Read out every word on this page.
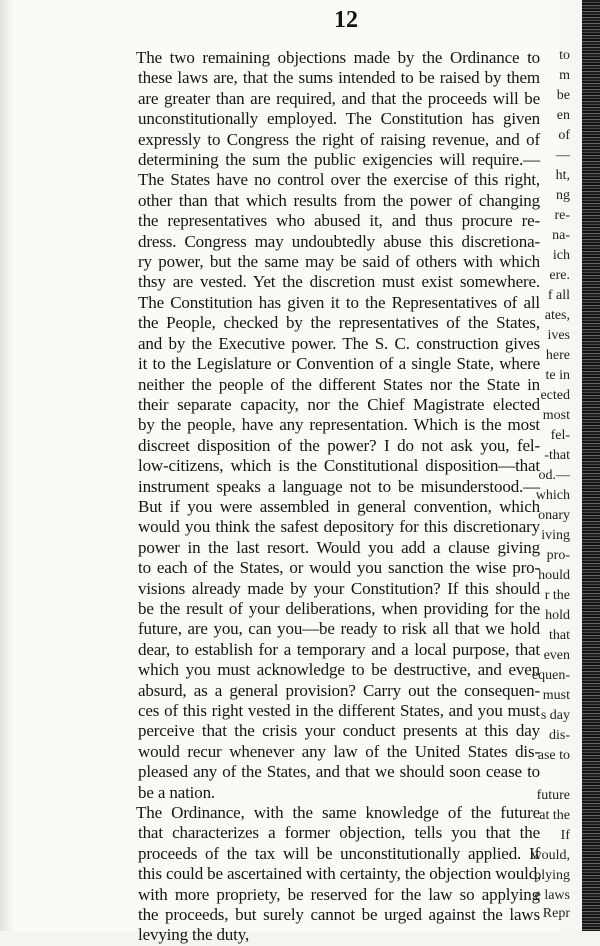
12

The two remaining objections made by the Ordinance to
these laws are, that the sums intended to be raised by them
are greater than are required, and that the proceeds will be
unconstitutionally employed. The Constitution has given
expressly to Congress the right of raising revenue, and of
determining the sum the public exigencies will require.—
The States have no control over the exercise of this right,
other than that which results from the power of changing
the representatives who abused it, and thus procure re-
dress. Congress may undoubtedly abuse this discretiona-
ry power, but the same may be said of others with which
thsy are vested. Yet the discretion must exist somewhere.
The Constitution has given it to the Representatives of all
the People, checked by the representatives of the States,
and by the Executive power. The S. C. construction gives
it to the Legislature or Convention of a single State, where
neither the people of the different States nor the State in
their separate capacity, nor the Chief Magistrate elected
by the people, have any representation. Which is the most
discreet disposition of the power? I do not ask you, fel-
low-citizens, which is the Constitutional disposition—that
instrument speaks a language not to be misunderstood.—
But if you were assembled in general convention, which
would you think the safest depository for this discretionary
power in the last resort. Would you add a clause giving
to each of the States, or would you sanction the wise pro-
visions already made by your Constitution? If this should
be the result of your deliberations, when providing for the
future, are you, can you—be ready to risk all that we hold
dear, to establish for a temporary and a local purpose, that
which you must acknowledge to be destructive, and even
absurd, as a general provision? Carry out the consequen-
ces of this right vested in the different States, and you must
perceive that the crisis your conduct presents at this day
would recur whenever any law of the United States dis-
pleased any of the States, and that we should soon cease to
be a nation.

The Ordinance, with the same knowledge of the future
that characterizes a former objection, tells you that the
proceeds of the tax will be unconstitutionally applied. If
this could be ascertained with certainty, the objection would,
with more propriety, be reserved for the law so applying
the proceeds, but surely cannot be urged against the laws
levying the duty,

to
m
be
en
of
—
ht,
ng
re-
na-
ich
ere.
f all
ates,
ives
here
te in
ected
most
fel-
-that
od.—
which
onary
iving
pro-
hould
r the
hold
that
even
equen-
must
s day
dis-
ase to
future
at the
If
would,
plying
e laws
Repr
